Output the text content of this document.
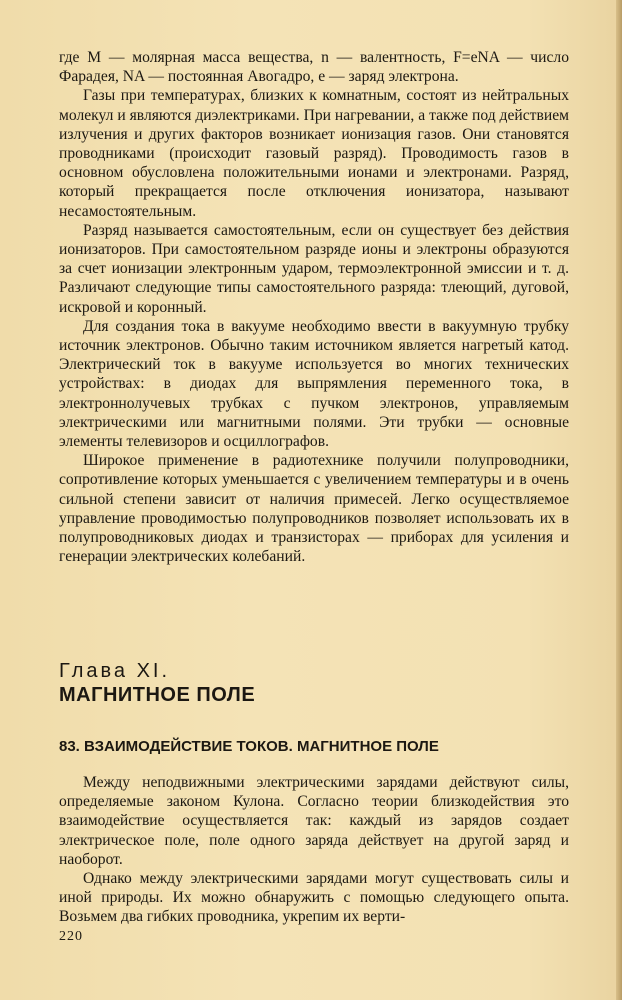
где M — молярная масса вещества, n — валентность, F=eNA — число Фарадея, NA — постоянная Авогадро, e — заряд электрона.

Газы при температурах, близких к комнатным, состоят из нейтральных молекул и являются диэлектриками. При нагревании, а также под действием излучения и других факторов возникает ионизация газов. Они становятся проводниками (происходит газовый разряд). Проводимость газов в основном обусловлена положительными ионами и электронами. Разряд, который прекращается после отключения ионизатора, называют несамостоятельным.

Разряд называется самостоятельным, если он существует без действия ионизаторов. При самостоятельном разряде ионы и электроны образуются за счет ионизации электронным ударом, термоэлектронной эмиссии и т. д. Различают следующие типы самостоятельного разряда: тлеющий, дуговой, искровой и коронный.

Для создания тока в вакууме необходимо ввести в вакуумную трубку источник электронов. Обычно таким источником является нагретый катод. Электрический ток в вакууме используется во многих технических устройствах: в диодах для выпрямления переменного тока, в электроннолучевых трубках с пучком электронов, управляемым электрическими или магнитными полями. Эти трубки — основные элементы телевизоров и осциллографов.

Широкое применение в радиотехнике получили полупроводники, сопротивление которых уменьшается с увеличением температуры и в очень сильной степени зависит от наличия примесей. Легко осуществляемое управление проводимостью полупроводников позволяет использовать их в полупроводниковых диодах и транзисторах — приборах для усиления и генерации электрических колебаний.

Глава XI.
МАГНИТНОЕ ПОЛЕ
83. ВЗАИМОДЕЙСТВИЕ ТОКОВ. МАГНИТНОЕ ПОЛЕ

Между неподвижными электрическими зарядами действуют силы, определяемые законом Кулона. Согласно теории близкодействия это взаимодействие осуществляется так: каждый из зарядов создает электрическое поле, поле одного заряда действует на другой заряд и наоборот.

Однако между электрическими зарядами могут существовать силы и иной природы. Их можно обнаружить с помощью следующего опыта. Возьмем два гибких проводника, укрепим их верти-

220
